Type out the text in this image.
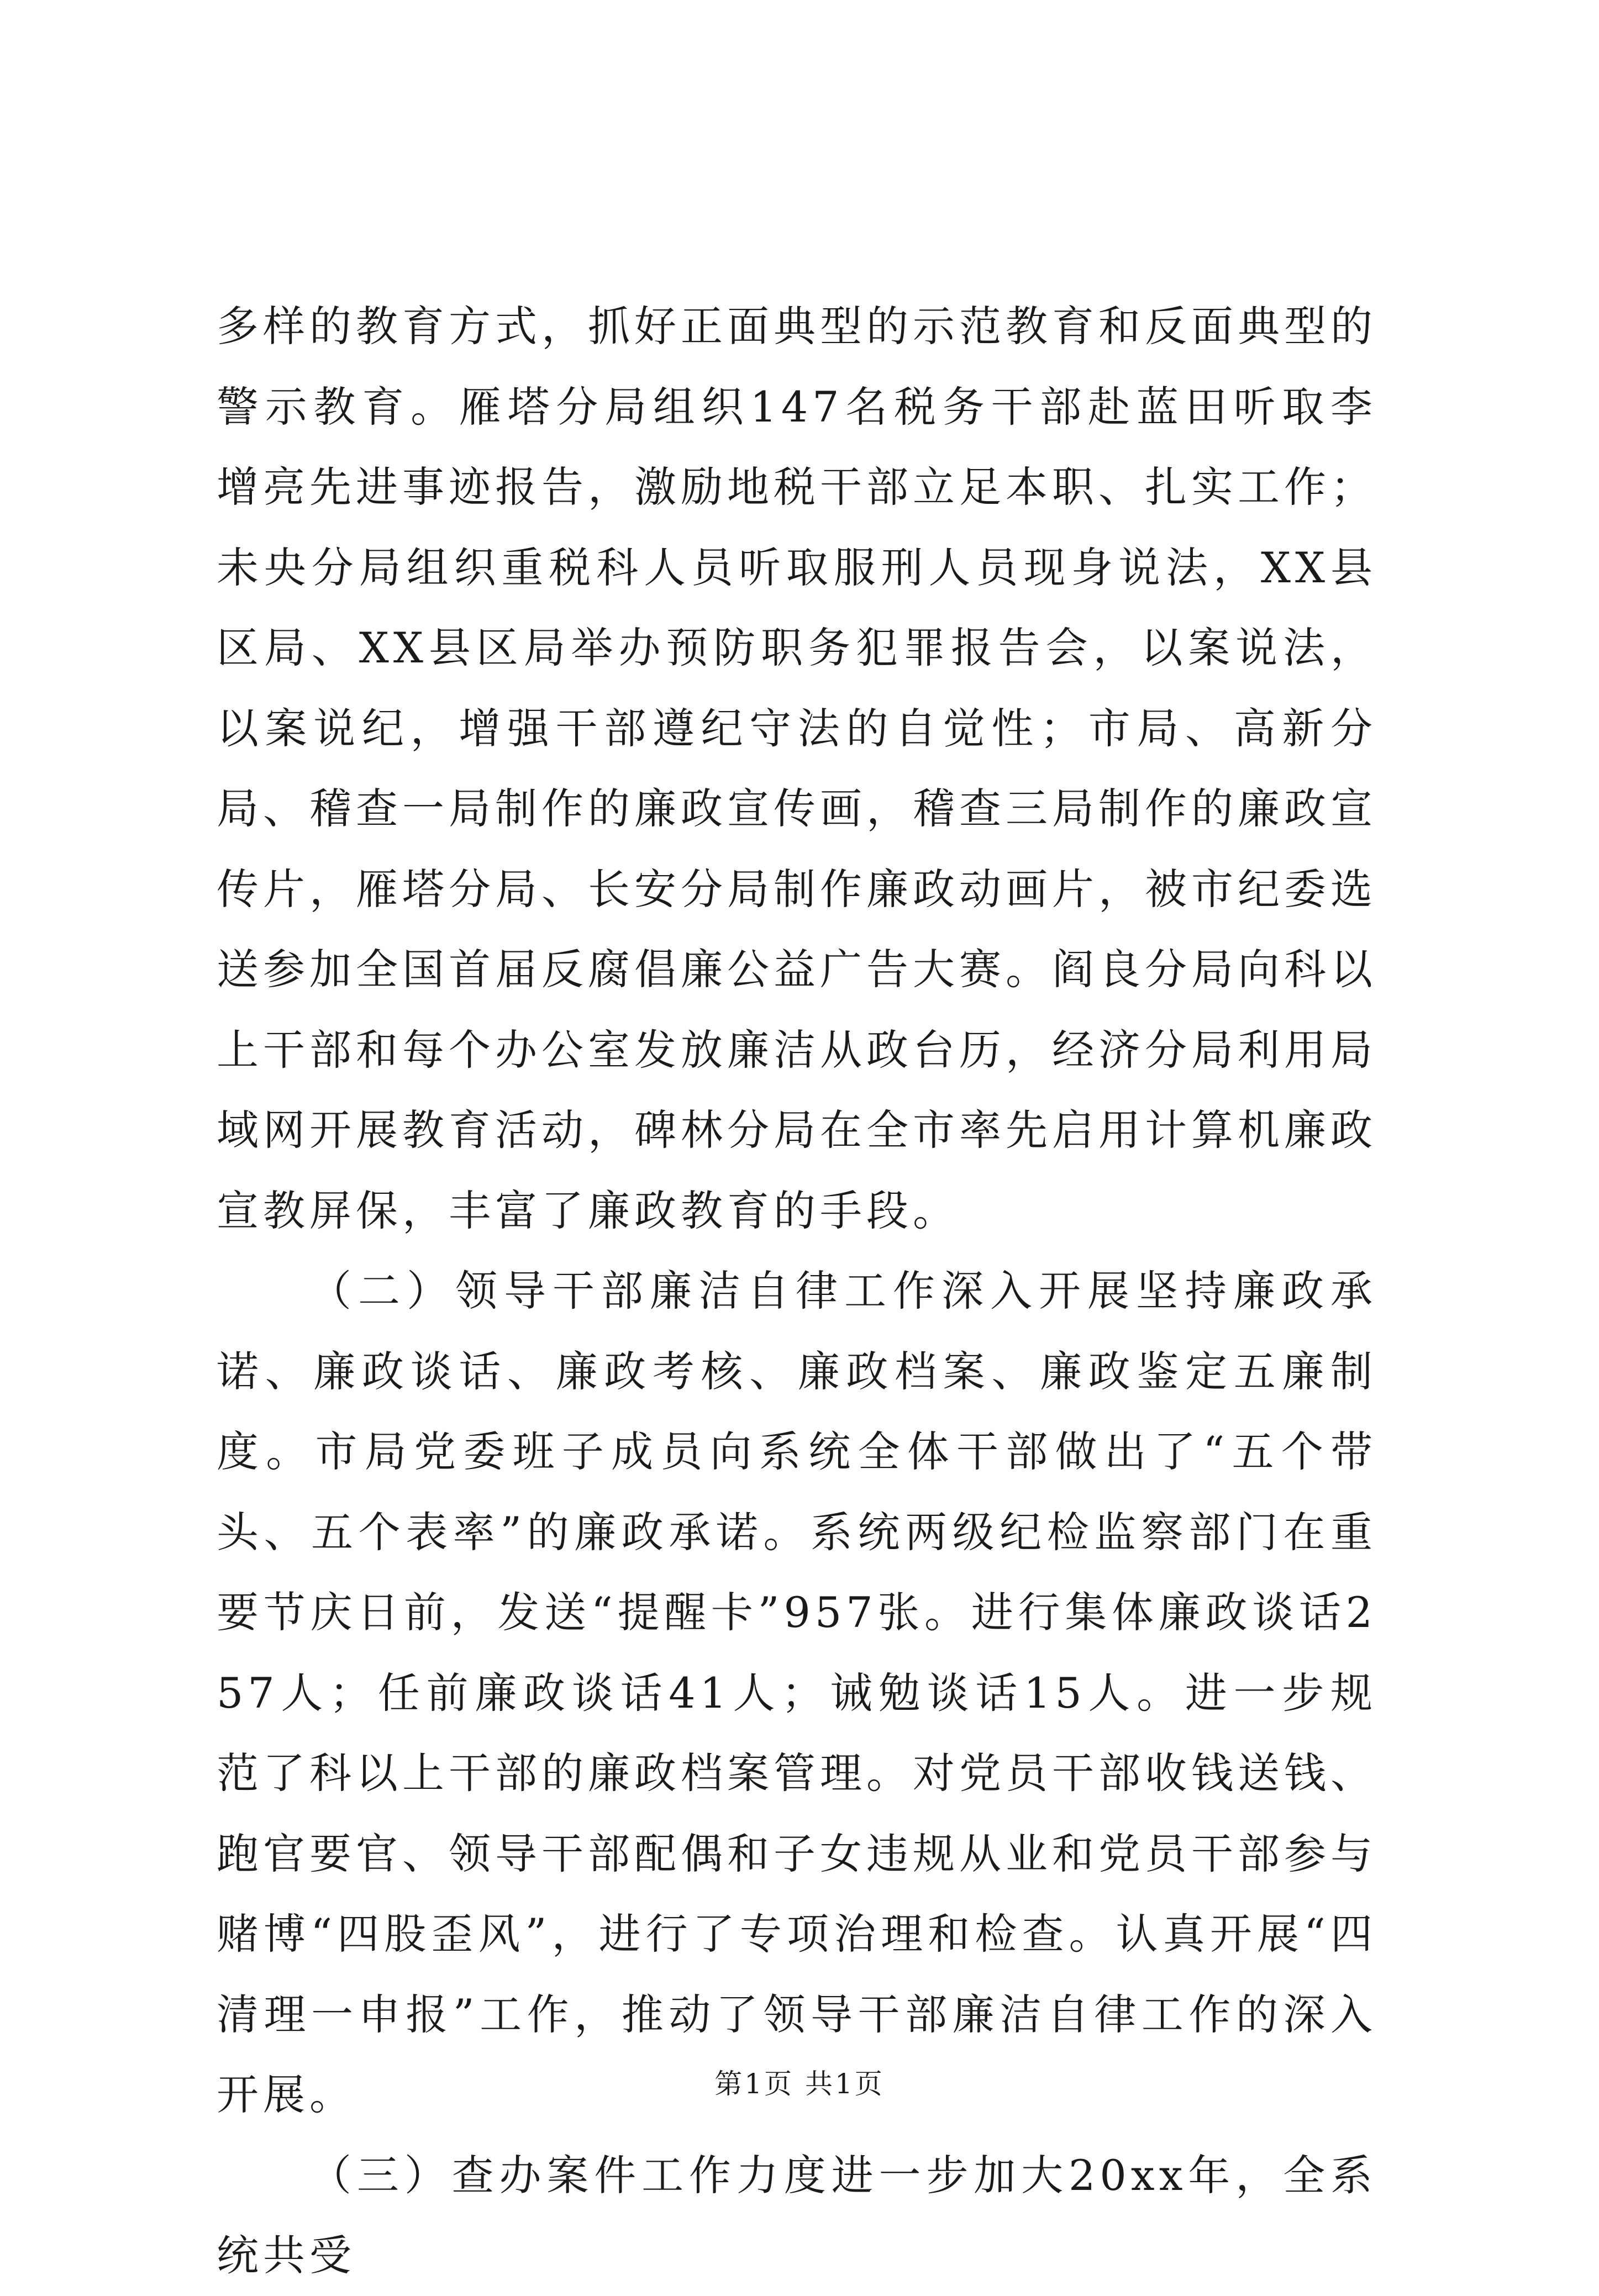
多样的教育方式，抓好正面典型的示范教育和反面典型的警示教育。雁塔分局组织147名税务干部赴蓝田听取李增亮先进事迹报告，激励地税干部立足本职、扎实工作；未央分局组织重税科人员听取服刑人员现身说法，XX县区局、XX县区局举办预防职务犯罪报告会，以案说法，以案说纪，增强干部遵纪守法的自觉性；市局、高新分局、稽查一局制作的廉政宣传画，稽查三局制作的廉政宣传片，雁塔分局、长安分局制作廉政动画片，被市纪委选送参加全国首届反腐倡廉公益广告大赛。阎良分局向科以上干部和每个办公室发放廉洁从政台历，经济分局利用局域网开展教育活动，碑林分局在全市率先启用计算机廉政宣教屏保，丰富了廉政教育的手段。

（二）领导干部廉洁自律工作深入开展坚持廉政承诺、廉政谈话、廉政考核、廉政档案、廉政鉴定五廉制度。市局党委班子成员向系统全体干部做出了“五个带头、五个表率”的廉政承诺。系统两级纪检监察部门在重要节庆日前，发送“提醒卡”957张。进行集体廉政谈话257人；任前廉政谈话41人；诫勉谈话15人。进一步规范了科以上干部的廉政档案管理。对党员干部收钱送钱、跑官要官、领导干部配偶和子女违规从业和党员干部参与赌博“四股歪风”，进行了专项治理和检查。认真开展“四清理一申报”工作，推动了领导干部廉洁自律工作的深入开展。

（三）查办案件工作力度进一步加大20xx年，全系统共受

第1页 共1页
